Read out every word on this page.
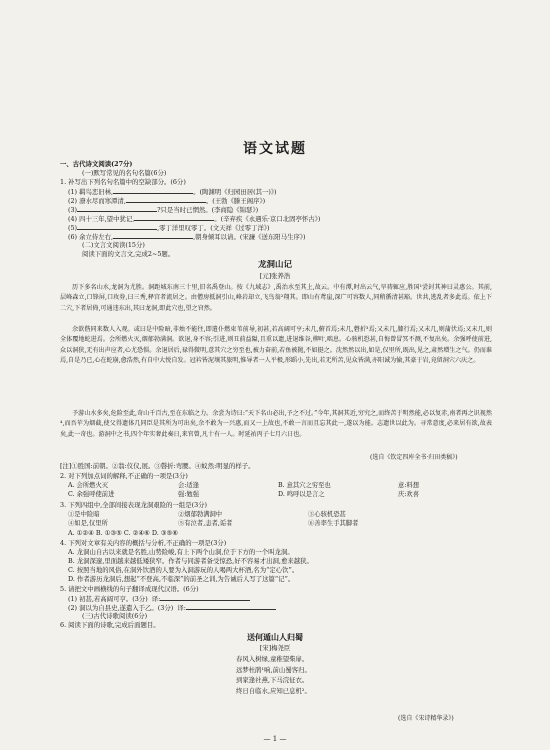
语文试题
一、古代诗文阅读(27分)
(一)默写常见的名句名篇(6分)
1. 补写出下列名句名篇中的空缺部分。(6分)
(1) 羁鸟恋旧林,	。(陶渊明《归园田居(其一)》)
(2) 潦水尽而寒潭清,	。(王勃《滕王阁序》)
(3)	?只是当时已惘然。(李商隐《锦瑟》)
(4) 四十三年,望中犹记,	。(辛弃疾《永遇乐·京口北固亭怀古》)
(5)	,零丁洋里叹零丁。(文天祥《过零丁洋》)
(6) 余立侍左右,	,朝身倾耳以请。(宋濂《送东阳马生序》)
(二)文言文阅读(15分)
阅读下面的文言文,完成2~5题。
龙洞山记
[元]张养浩
历下多名山水,龙洞为尤胜。洞距城东南三十里,旧名禹登山。按《九域志》,禹治水至其上,故云。中有潭,时出云气,旱祷辄应,胜国¹尝封其神曰灵惠公。其前,层峰森立,口锋屏,口玫券,曰三秀,释宫者流居之。由僧房抵洞引山,峰岩却立,飞鸟翁²翔其。即山有鸢崖,深广可容数人,同稍循清甚豁。世共,逃乱者多此焉。依上下二穴,下者居倚,可通违东出,其曰龙洞,即此穴也,望之窅然。
余欲偕同来数人入观。或曰是中险暗,非烛不能往,即遣仆燃束苇前导,初甚,若高阔可亨;未几,俯首焉;未几,磬折³焉;又未几,膝行焉;又未几,则蒲伏焉;又未几,则全体覆地蛇进焉。会所燃火灭,烟郁勃满洞。欲退,身不容;引进,则丑前益隘,且重以遗,进退维谷,柳叶,啮息。心骇机恐甚,自悔曾冒冥不测,不复出矣。余强呼使前进,众以洞狭,无有出声应者,心尤恐惧。余退居后,禄得微明,意其穴之穷至也,被力奋前,若鱼被抛,不如挺之。沈然然以出,如是,仅里所,既出,见之,肃然增生之气。仍而谁焉,自是乃已,心在蛇崩,愈浩然,有自中大悦自发。冠衿皆泥壤其旅明,惟导者一人平极,形蹈小,先出,若无所苦,见众皆满,亦阳诚为愉,其豪于岩,竟留洞穴六庆之。
予游山水多矣,危险至此,奇山千百古,至在东临之力。余尝为诗曰:“天下名山必出,予之不过。”今年,其洞其近,穷究之,而终苦于明然能,必以复赤,南者再之识视然⁴,而吾苹为烟截,使父得遗体几同臣是其所为可出矣,余不敢为一兴惠,而又一上故也,不敢一言而且忘其此一,遂以为能。志遗世以此为。寻常意度,必来居有欲,故表矣,此一奇也。游洞中之书,四个年实奢此奏日,来官曾,凡十有一人。时延祐丙子七月六日也。
(选自《钦定四库全书·归田类稿》)
[注]①胜国:前朝。②翁:仪仪,展。③磬折:弯腰。④蚁然:明显的样子。
2. 对下列加点词的解释,不正确的一项是(3分)
A. 会所燃火灭	会:适逢	B. 意其穴之穷至也	意:料想
C. 余强呼使前进	强:勉强	D. 鸣呼以是言之	庆:欢喜
3. 下列四组中,全部间接表现龙洞艰险的一组是(3分)
①是中险暗	②烟郁勃满洞中	③心骇机恐甚
④如是,仅里所	⑤有泣者,恚者,诟者	⑥善率生手其脚者
A. ①②④ B. ①③⑤ C. ②④⑥ D. ③⑤⑥
4. 下列对文章有关内容的概括与分析,不正确的一项是(3分)
A. 龙洞山自古以来就是名胜,山势险峻,有上下两个山洞,位于下方的一个叫龙洞。
B. 龙洞深邃,里面越来越低矮狭窄。作者与同游者备受惊恐,好不容易才出洞,愈来越狭。
C. 按照当地的风俗,在洞外饮酒的人要为入洞游玩的人喝两大杯酒,名为“定心饮”。
D. 作者游历龙洞后,想起“不登高,不临深”的前圣之训,为告诫后人写了这篇“记”。
5. 请把文中画横线的句子翻译成现代汉语。(6分)
(1) 初甚,若高阔可亨。(3分) 译:
(2) 洞以为自县史,遂遣入于乙。(3分) 译:
(三)古代诗歌阅读(6分)
6. 阅读下面的诗歌,完成后面题目。
送何遁山人归蜀
[宋]梅尧臣
春风入树绿,童稚望柴扉。
远梦杜鹃¹响,前山蜀客归。
到家逢社燕,下马浣征衣。
终日自临水,应知已息机²。
(选自《宋诗精华录》)
— 1 —
